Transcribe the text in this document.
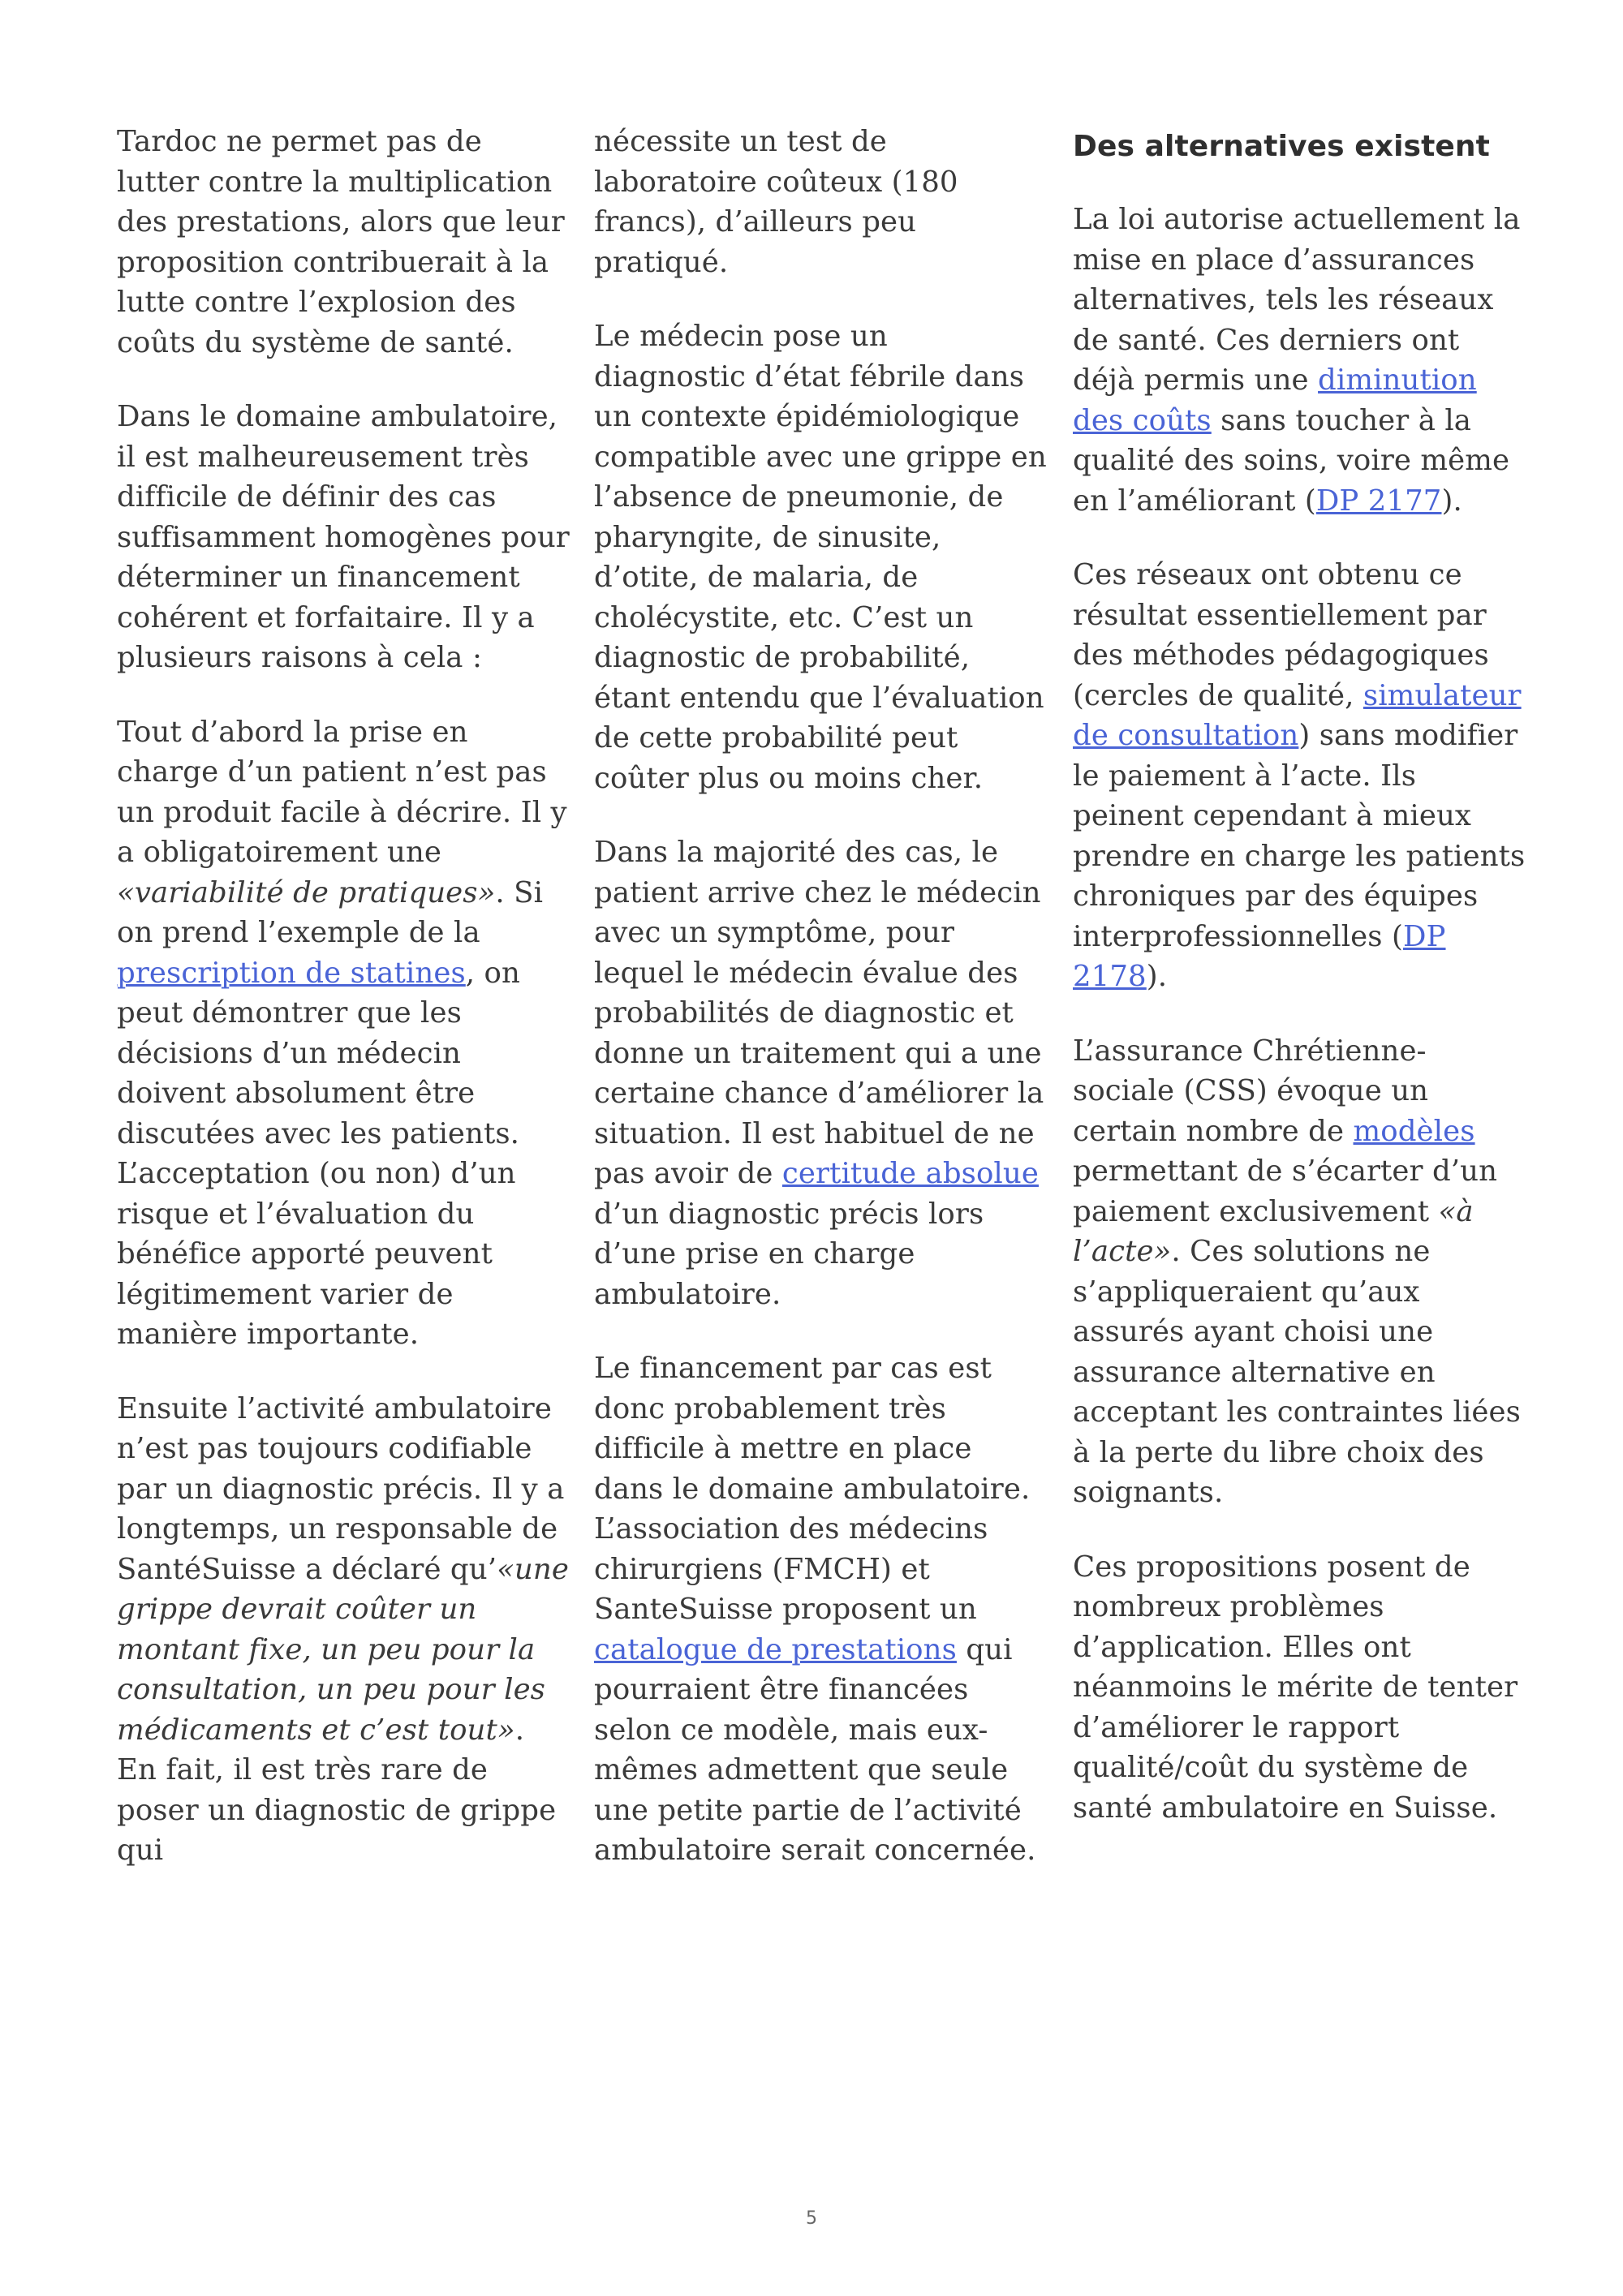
Tardoc ne permet pas de lutter contre la multiplication des prestations, alors que leur proposition contribuerait à la lutte contre l’explosion des coûts du système de santé.

Dans le domaine ambulatoire, il est malheureusement très difficile de définir des cas suffisamment homogènes pour déterminer un financement cohérent et forfaitaire. Il y a plusieurs raisons à cela :

Tout d’abord la prise en charge d’un patient n’est pas un produit facile à décrire. Il y a obligatoirement une «variabilité de pratiques». Si on prend l’exemple de la prescription de statines, on peut démontrer que les décisions d’un médecin doivent absolument être discutées avec les patients. L’acceptation (ou non) d’un risque et l’évaluation du bénéfice apporté peuvent légitimement varier de manière importante.

Ensuite l’activité ambulatoire n’est pas toujours codifiable par un diagnostic précis. Il y a longtemps, un responsable de SantéSuisse a déclaré qu’«une grippe devrait coûter un montant fixe, un peu pour la consultation, un peu pour les médicaments et c’est tout». En fait, il est très rare de poser un diagnostic de grippe qui

nécessite un test de laboratoire coûteux (180 francs), d’ailleurs peu pratiqué.

Le médecin pose un diagnostic d’état fébrile dans un contexte épidémiologique compatible avec une grippe en l’absence de pneumonie, de pharyngite, de sinusite, d’otite, de malaria, de cholécystite, etc. C’est un diagnostic de probabilité, étant entendu que l’évaluation de cette probabilité peut coûter plus ou moins cher.

Dans la majorité des cas, le patient arrive chez le médecin avec un symptôme, pour lequel le médecin évalue des probabilités de diagnostic et donne un traitement qui a une certaine chance d’améliorer la situation. Il est habituel de ne pas avoir de certitude absolue d’un diagnostic précis lors d’une prise en charge ambulatoire.

Le financement par cas est donc probablement très difficile à mettre en place dans le domaine ambulatoire. L’association des médecins chirurgiens (FMCH) et SanteSuisse proposent un catalogue de prestations qui pourraient être financées selon ce modèle, mais eux-mêmes admettent que seule une petite partie de l’activité ambulatoire serait concernée.

Des alternatives existent

La loi autorise actuellement la mise en place d’assurances alternatives, tels les réseaux de santé. Ces derniers ont déjà permis une diminution des coûts sans toucher à la qualité des soins, voire même en l’améliorant (DP 2177).

Ces réseaux ont obtenu ce résultat essentiellement par des méthodes pédagogiques (cercles de qualité, simulateur de consultation) sans modifier le paiement à l’acte. Ils peinent cependant à mieux prendre en charge les patients chroniques par des équipes interprofessionnelles (DP 2178).

L’assurance Chrétienne-sociale (CSS) évoque un certain nombre de modèles permettant de s’écarter d’un paiement exclusivement «à l’acte». Ces solutions ne s’appliqueraient qu’aux assurés ayant choisi une assurance alternative en acceptant les contraintes liées à la perte du libre choix des soignants.

Ces propositions posent de nombreux problèmes d’application. Elles ont néanmoins le mérite de tenter d’améliorer le rapport qualité/coût du système de santé ambulatoire en Suisse.

5
